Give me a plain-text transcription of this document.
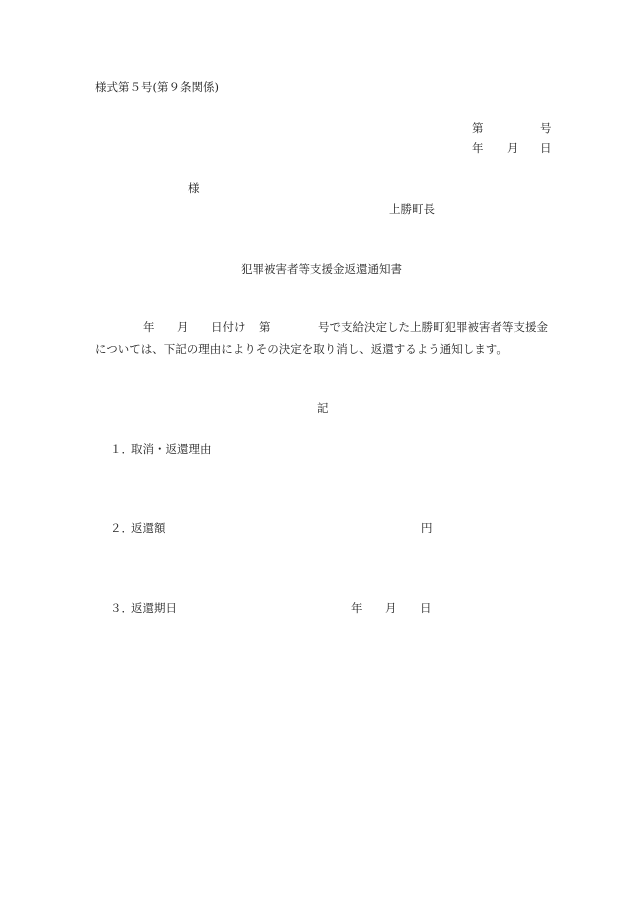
様式第５号(第９条関係)
第	号
年 月 日
様
上勝町長
犯罪被害者等支援金返還通知書
年 月 日付け 第	号で支給決定した上勝町犯罪被害者等支援金
については、下記の理由によりその決定を取り消し、返還するよう通知します。
記
１．
取消・返還理由
２．
返還額	円
３．
返還期日	年 月 日
